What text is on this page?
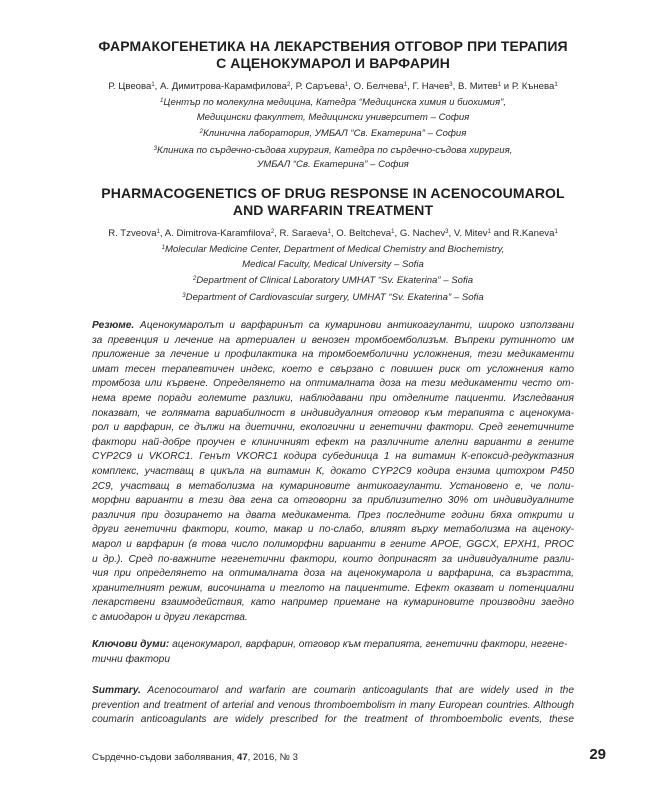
ФАРМАКОГЕНЕТИКА НА ЛЕКАРСТВЕНИЯ ОТГОВОР ПРИ ТЕРАПИЯ
С АЦЕНОКУМАРОЛ И ВАРФАРИН
Р. Цвеова$^1$, А. Димитрова-Карамфилова$^2$, Р. Саръева$^1$, О. Белчева$^1$, Г. Начев$^3$, В. Митев$^1$ и Р. Кънева$^1$
$^1$Център по молекулна медицина, Катедра “Медицинска химия и биохимия”,
Медицински факултет, Медицински университет – София
$^2$Клинична лаборатория, УМБАЛ “Св. Екатерина” – София
$^3$Клиника по сърдечно-съдова хирургия, Катедра по сърдечно-съдова хирургия,
УМБАЛ “Св. Екатерина” – София
PHARMACOGENETICS OF DRUG RESPONSE IN ACENOCOUMAROL
AND WARFARIN TREATMENT
R. Tzveova$^1$, A. Dimitrova-Karamfilova$^2$, R. Saraeva$^1$, O. Beltcheva$^1$, G. Nachev$^3$, V. Mitev$^1$ and R.Kaneva$^1$
$^1$Molecular Medicine Center, Department of Medical Chemistry and Biochemistry,
Medical Faculty, Medical University – Sofia
$^2$Department of Clinical Laboratory UMHAT “Sv. Ekaterina” – Sofia
$^3$Department of Cardiovascular surgery, UMHAT “Sv. Ekaterina” – Sofia
Резюме. Аценокумаролът и варфаринът са кумаринови антикоагуланти, широко използвани
за превенция и лечение на артериален и венозен тромбоемболизъм. Въпреки рутинното им
приложение за лечение и профилактика на тромбоемболични усложнения, тези медикаменти
имат тесен терапевтичен индекс, което е свързано с повишен риск от усложнения като
тромбоза или кървене. Определянето на оптималната доза на тези медикаменти често от-
нема време поради големите разлики, наблюдавани при отделните пациенти. Изследвания
показват, че голямата вариабилност в индивидуалния отговор към терапията с аценокума-
рол и варфарин, се дължи на диетични, екологични и генетични фактори. Сред генетичните
фактори най-добре проучен е клиничният ефект на различните алелни варианти в гените
CYP2C9 и VKORC1. Генът VKORC1 кодира субединица 1 на витамин К-епоксид-редуктазния
комплекс, участващ в цикъла на витамин К, докато CYP2C9 кодира ензима цитохром P450
2C9, участващ в метаболизма на кумариновите антикоагуланти. Установено е, че поли-
морфни варианти в тези два гена са отговорни за приблизително 30% от индивидуалните
различия при дозирането на двата медикамента. През последните години бяха открити и
други генетични фактори, които, макар и по-слабо, влияят върху метаболизма на аценоку-
марол и варфарин (в това число полиморфни варианти в гените APOE, GGCX, EPXH1, PROC
и др.). Сред по-важните негенетични фактори, които допринасят за индивидуалните разли-
чия при определянето на оптималната доза на аценокумарола и варфарина, са възрастта,
хранителният режим, височината и теглото на пациентите. Ефект оказват и потенциални
лекарствени взаимодействия, като например приемане на кумариновите производни заедно
с амиодарон и други лекарства.
Ключови думи: аценокумарол, варфарин, отговор към терапията, генетични фактори, негене-
тични фактори
Summary. Acenocoumarol and warfarin are coumarin anticoagulants that are widely used in the
prevention and treatment of arterial and venous thromboembolism in many European countries. Although
coumarin anticoagulants are widely prescribed for the treatment of thromboembolic events, these
Сърдечно-съдови заболявания, 47, 2016, № 3	29
